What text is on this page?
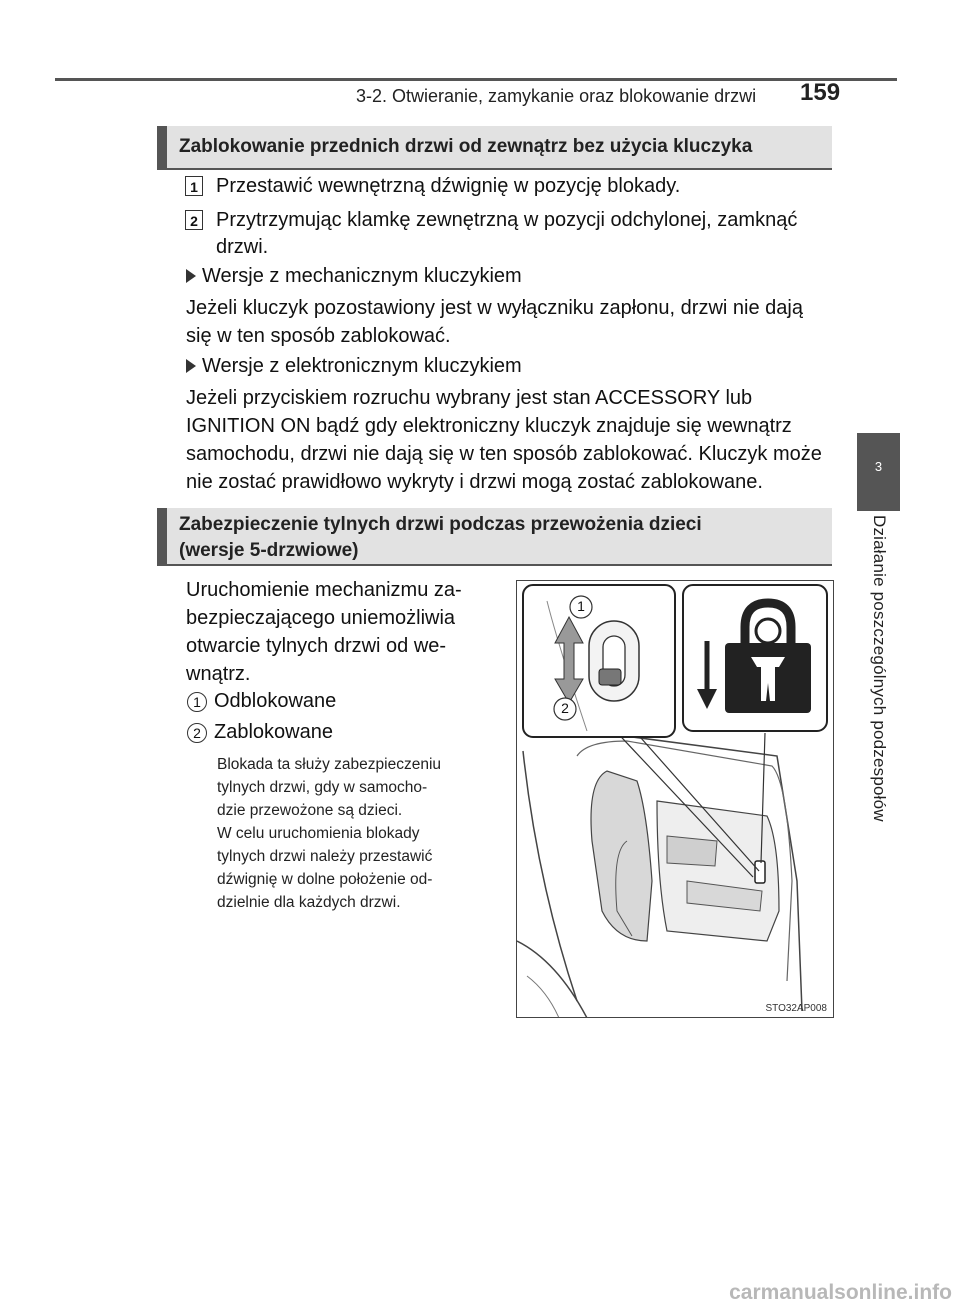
3-2. Otwieranie, zamykanie oraz blokowanie drzwi 159
3
Działanie poszczególnych podzespołów
Zablokowanie przednich drzwi od zewnątrz bez użycia kluczyka
1 Przestawić wewnętrzną dźwignię w pozycję blokady.
2 Przytrzymując klamkę zewnętrzną w pozycji odchylonej, zamknąć
drzwi.
Wersje z mechanicznym kluczykiem
Jeżeli kluczyk pozostawiony jest w wyłączniku zapłonu, drzwi nie dają
się w ten sposób zablokować.
Wersje z elektronicznym kluczykiem
Jeżeli przyciskiem rozruchu wybrany jest stan ACCESSORY lub
IGNITION ON bądź gdy elektroniczny kluczyk znajduje się wewnątrz
samochodu, drzwi nie dają się w ten sposób zablokować. Kluczyk może
nie zostać prawidłowo wykryty i drzwi mogą zostać zablokowane.
Zabezpieczenie tylnych drzwi podczas przewożenia dzieci
(wersje 5-drzwiowe)
Uruchomienie mechanizmu za-
bezpieczającego uniemożliwia
otwarcie tylnych drzwi od we-
wnątrz.
1 Odblokowane
2 Zablokowane
Blokada ta służy zabezpieczeniu
tylnych drzwi, gdy w samocho-
dzie przewożone są dzieci.
W celu uruchomienia blokady
tylnych drzwi należy przestawić
dźwignię w dolne położenie od-
dzielnie dla każdych drzwi.
1
2
STO32AP008
carmanualsonline.info
